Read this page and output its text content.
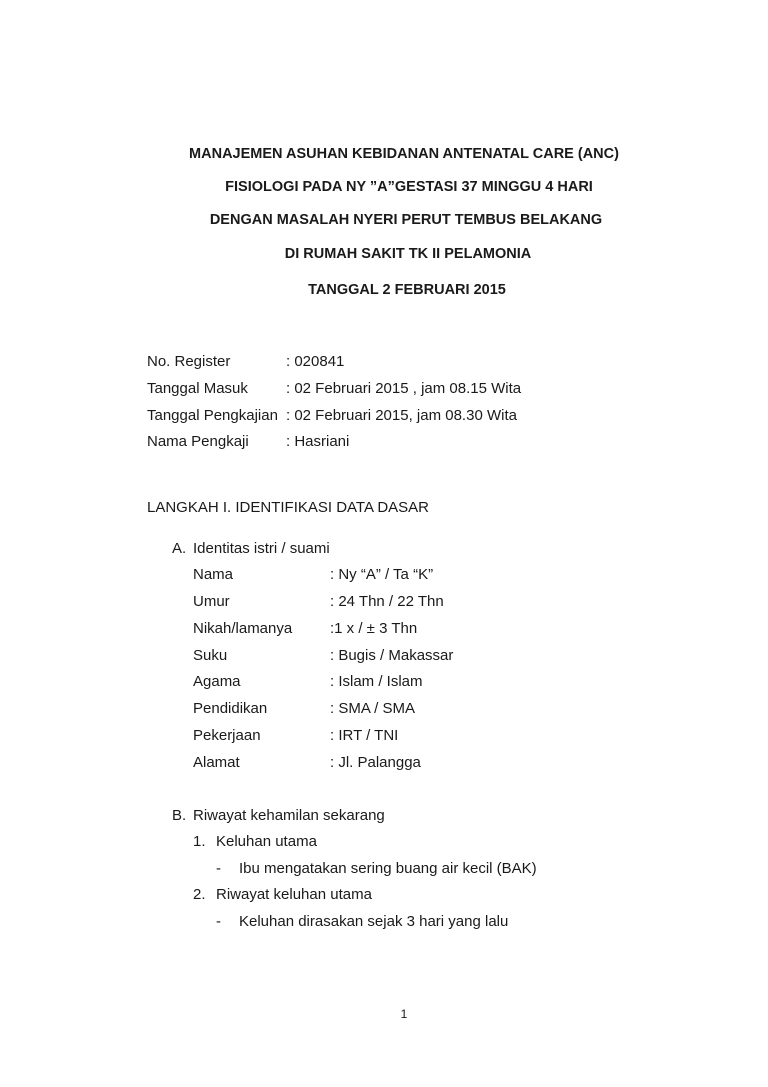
MANAJEMEN ASUHAN KEBIDANAN ANTENATAL CARE (ANC)
FISIOLOGI PADA NY ”A”GESTASI 37 MINGGU 4 HARI
DENGAN MASALAH NYERI PERUT TEMBUS BELAKANG
DI RUMAH SAKIT TK II PELAMONIA
TANGGAL 2 FEBRUARI 2015
No. Register	: 020841
Tanggal Masuk	: 02 Februari 2015 , jam 08.15 Wita
Tanggal Pengkajian : 02 Februari 2015, jam 08.30 Wita
Nama Pengkaji : Hasriani
LANGKAH I. IDENTIFIKASI DATA DASAR
A. Identitas istri / suami
Nama	: Ny “A” / Ta “K”
Umur	: 24 Thn / 22 Thn
Nikah/lamanya	:1 x / ± 3 Thn
Suku	: Bugis / Makassar
Agama	: Islam / Islam
Pendidikan	: SMA / SMA
Pekerjaan	: IRT / TNI
Alamat	: Jl. Palangga
B. Riwayat kehamilan sekarang
1. Keluhan utama
- Ibu mengatakan sering buang air kecil (BAK)
2. Riwayat keluhan utama
- Keluhan dirasakan sejak 3 hari yang lalu
1
